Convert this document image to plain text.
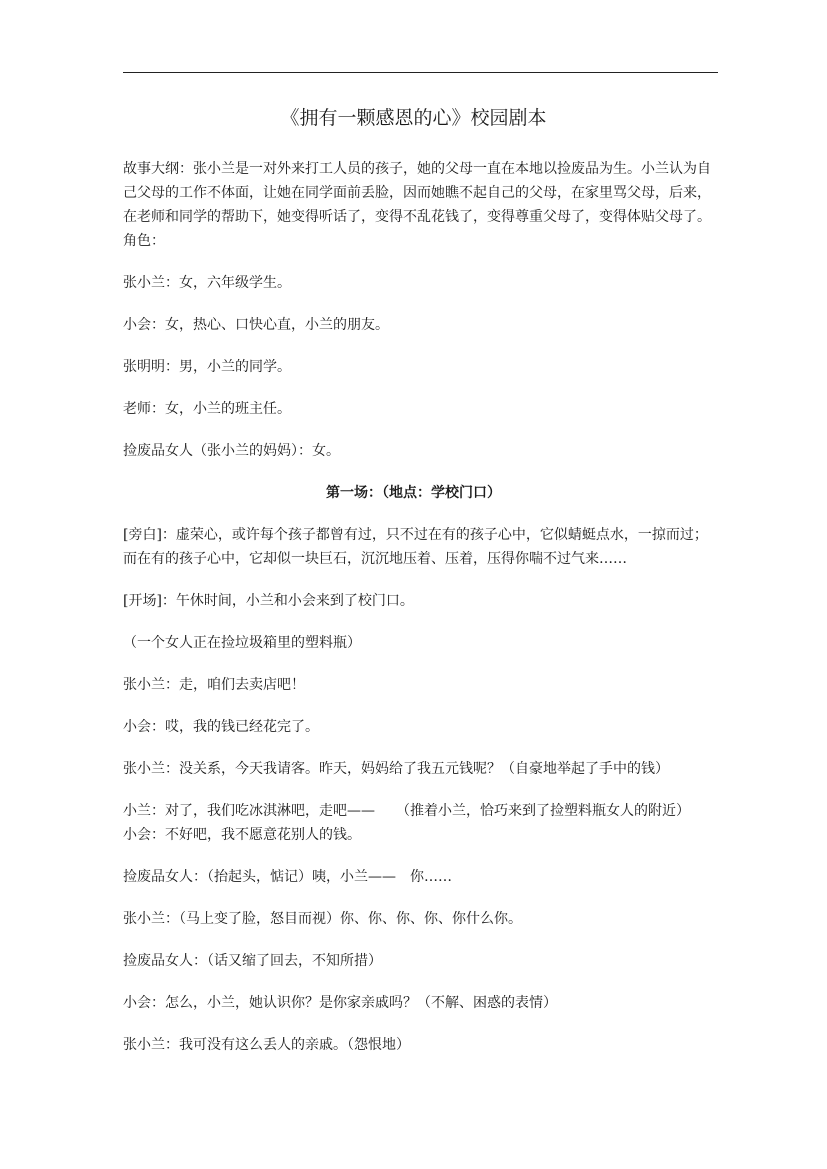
《拥有一颗感恩的心》校园剧本
故事大纲：张小兰是一对外来打工人员的孩子，她的父母一直在本地以捡废品为生。小兰认为自己父母的工作不体面，让她在同学面前丢脸，因而她瞧不起自己的父母，在家里骂父母，后来，在老师和同学的帮助下，她变得听话了，变得不乱花钱了，变得尊重父母了，变得体贴父母了。 角色：
张小兰：女，六年级学生。
小会：女，热心、口快心直，小兰的朋友。
张明明：男，小兰的同学。
老师：女，小兰的班主任。
捡废品女人（张小兰的妈妈）：女。
第一场：（地点：学校门口）
[旁白]：虚荣心，或许每个孩子都曾有过，只不过在有的孩子心中，它似蜻蜓点水，一掠而过；而在有的孩子心中，它却似一块巨石，沉沉地压着、压着，压得你喘不过气来……
[开场]：午休时间，小兰和小会来到了校门口。
（一个女人正在捡垃圾箱里的塑料瓶）
张小兰：走，咱们去卖店吧！
小会：哎，我的钱已经花完了。
张小兰：没关系，今天我请客。昨天，妈妈给了我五元钱呢？（自豪地举起了手中的钱）
小兰：对了，我们吃冰淇淋吧，走吧——　　（推着小兰，恰巧来到了捡塑料瓶女人的附近）
小会：不好吧，我不愿意花别人的钱。
捡废品女人：（抬起头，惦记）咦，小兰——　你……
张小兰：（马上变了脸，怒目而视）你、你、你、你、你什么你。
捡废品女人：（话又缩了回去，不知所措）
小会：怎么，小兰，她认识你？是你家亲戚吗？（不解、困惑的表情）
张小兰：我可没有这么丢人的亲戚。（怨恨地）
